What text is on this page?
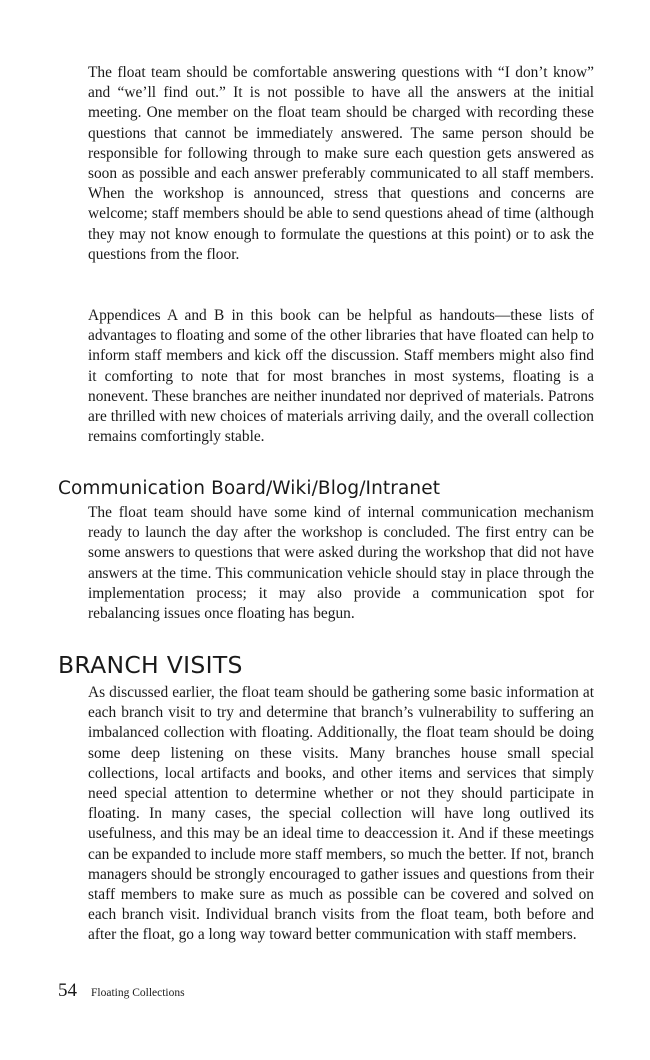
The float team should be comfortable answering questions with “I don’t know” and “we’ll find out.” It is not possible to have all the answers at the initial meeting. One member on the float team should be charged with recording these questions that cannot be immediately answered. The same person should be responsible for following through to make sure each question gets answered as soon as possible and each answer preferably communicated to all staff members. When the workshop is announced, stress that questions and concerns are welcome; staff members should be able to send questions ahead of time (although they may not know enough to formulate the questions at this point) or to ask the questions from the floor.

Appendices A and B in this book can be helpful as handouts—these lists of advantages to floating and some of the other libraries that have floated can help to inform staff members and kick off the discussion. Staff members might also find it comforting to note that for most branches in most systems, floating is a nonevent. These branches are neither inundated nor deprived of materials. Patrons are thrilled with new choices of materials arriving daily, and the overall collection remains comfortingly stable.

Communication Board/Wiki/Blog/Intranet

The float team should have some kind of internal communication mechanism ready to launch the day after the workshop is concluded. The first entry can be some answers to questions that were asked during the workshop that did not have answers at the time. This communication vehicle should stay in place through the implementation process; it may also provide a communication spot for rebalancing issues once floating has begun.

BRANCH VISITS

As discussed earlier, the float team should be gathering some basic information at each branch visit to try and determine that branch’s vulnerability to suffering an imbalanced collection with floating. Additionally, the float team should be doing some deep listening on these visits. Many branches house small special collections, local artifacts and books, and other items and services that simply need special attention to determine whether or not they should participate in floating. In many cases, the special collection will have long outlived its usefulness, and this may be an ideal time to deaccession it. And if these meetings can be expanded to include more staff members, so much the better. If not, branch managers should be strongly encouraged to gather issues and questions from their staff members to make sure as much as possible can be covered and solved on each branch visit. Individual branch visits from the float team, both before and after the float, go a long way toward better communication with staff members.

54 Floating Collections
